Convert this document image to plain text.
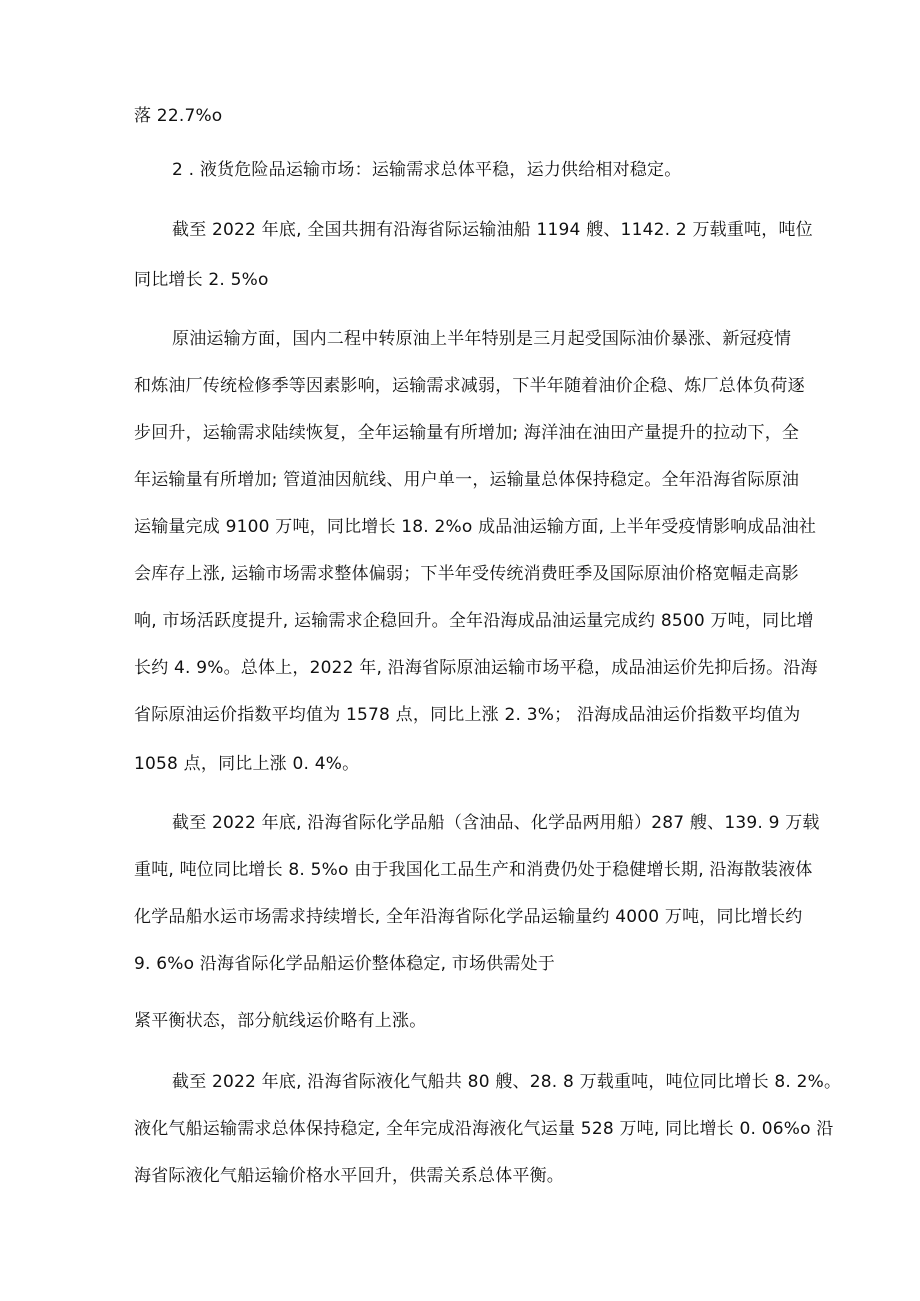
落 22.7%o

2 . 液货危险品运输市场：运输需求总体平稳，运力供给相对稳定。

截至 2022 年底, 全国共拥有沿海省际运输油船 1194 艘、1142. 2 万载重吨，吨位

同比增长 2. 5%o

原油运输方面，国内二程中转原油上半年特别是三月起受国际油价暴涨、新冠疫情

和炼油厂传统检修季等因素影响，运输需求减弱，下半年随着油价企稳、炼厂总体负荷逐

步回升，运输需求陆续恢复，全年运输量有所增加; 海洋油在油田产量提升的拉动下，全

年运输量有所增加; 管道油因航线、用户单一，运输量总体保持稳定。全年沿海省际原油

运输量完成 9100 万吨，同比增长 18. 2%o 成品油运输方面, 上半年受疫情影响成品油社

会库存上涨, 运输市场需求整体偏弱；下半年受传统消费旺季及国际原油价格宽幅走高影

响, 市场活跃度提升, 运输需求企稳回升。全年沿海成品油运量完成约 8500 万吨，同比增

长约 4. 9%。总体上，2022 年, 沿海省际原油运输市场平稳，成品油运价先抑后扬。沿海

省际原油运价指数平均值为 1578 点，同比上涨 2. 3%； 沿海成品油运价指数平均值为

1058 点，同比上涨 0. 4%。

截至 2022 年底, 沿海省际化学品船（含油品、化学品两用船）287 艘、139. 9 万载

重吨, 吨位同比增长 8. 5%o 由于我国化工品生产和消费仍处于稳健增长期, 沿海散装液体

化学品船水运市场需求持续增长, 全年沿海省际化学品运输量约 4000 万吨，同比增长约

9. 6%o 沿海省际化学品船运价整体稳定, 市场供需处于

紧平衡状态，部分航线运价略有上涨。

截至 2022 年底, 沿海省际液化气船共 80 艘、28. 8 万载重吨，吨位同比增长 8. 2%。

液化气船运输需求总体保持稳定, 全年完成沿海液化气运量 528 万吨, 同比增长 0. 06%o 沿

海省际液化气船运输价格水平回升，供需关系总体平衡。
